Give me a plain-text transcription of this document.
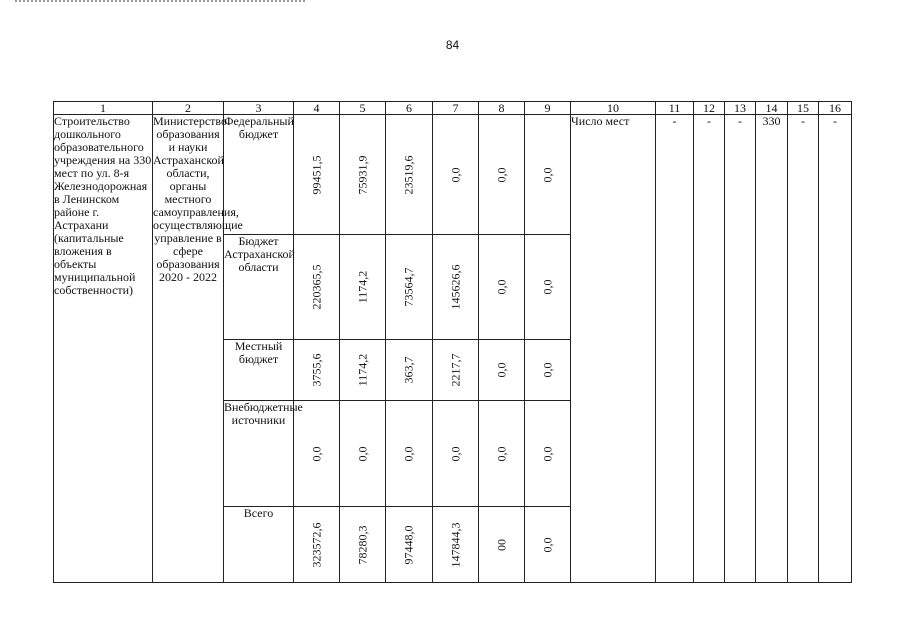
84
1	2	3	4	5	6	7	8	9	10	11	12	13	14	15	16
Строительство дошкольного образовательного учреждения на 330 мест по ул. 8-я Железнодорожная в Ленинском районе г. Астрахани (капитальные вложения в объекты муниципальной собственности)	Министерство образования и науки Астраханской области, органы местного самоуправления, осуществляющие управление в сфере образования
2020 - 2022	Федеральный бюджет	99451,5	75931,9	23519,6	0,0	0,0	0,0	Число мест	-	-	-	330	-	-
		Бюджет Астраханской области	220365,5	1174,2	73564,7	145626,6	0,0	0,0							

		Местный бюджет	3755,6	1174,2	363,7	2217,7	0,0	0,0							

		Внебюджетные источники	0,0	0,0	0,0	0,0	0,0	0,0							

		Всего	323572,6	78280,3	97448,0	147844,3	00	0,0							
